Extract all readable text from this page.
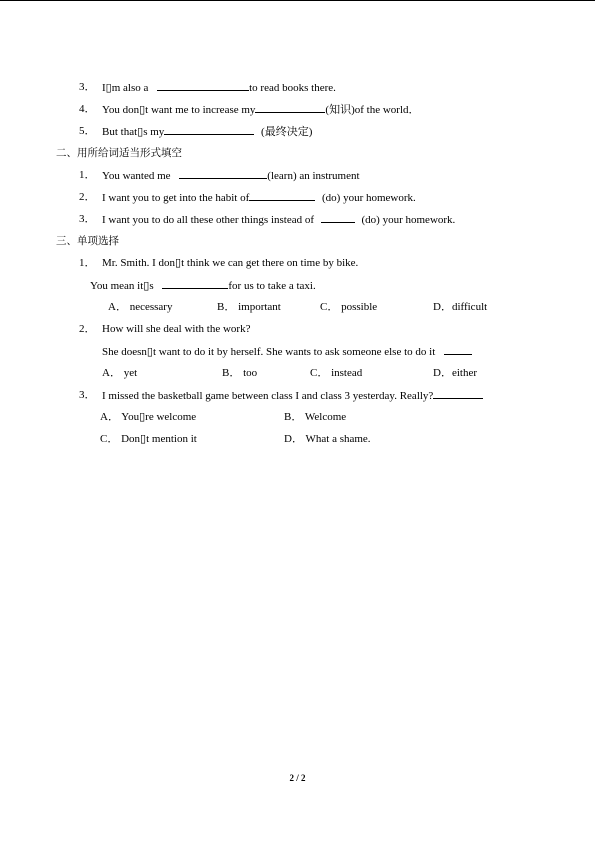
3． I▯m also a	to read books there.
4． You don▯t want me to increase my	(知识)of the world．
5． But that▯s my	(最终决定)
二、用所给词适当形式填空
1． You wanted me	(learn) an instrument
2． I want you to get into the habit of	(do) your homework.
3． I want you to do all these other things instead of	(do) your homework.
三、单项选择
1． Mr. Smith. I don▯t think we can get there on time by bike.
You mean it▯s	for us to take a taxi.
A． necessary	B． important	C． possible	D．difficult
2． How will she deal with the work?
She doesn▯t want to do it by herself. She wants to ask someone else to do it
A． yet	B． too	C． instead	D．either
3． I missed the basketball game between class I and class 3 yesterday. Really?
A． You▯re welcome	B． Welcome
C． Don▯t mention it	D． What a shame.
2 / 2
